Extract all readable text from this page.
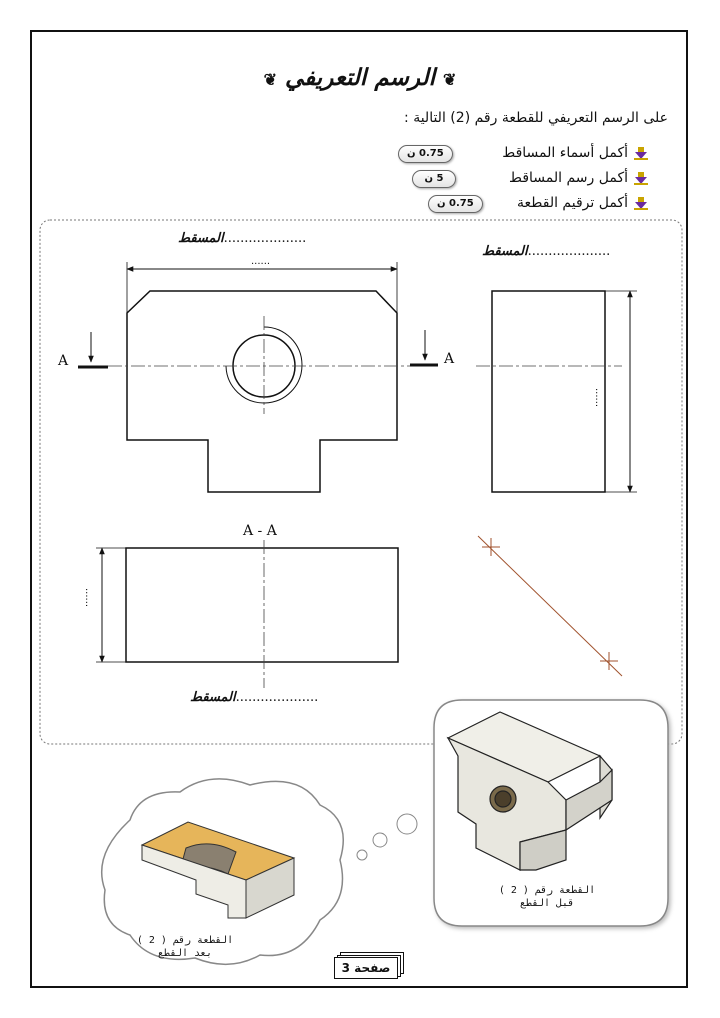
❦ الرسم التعريفي ❦
على الرسم التعريفي للقطعة رقم (2) التالية :
أكمل أسماء المساقط
0.75 ن
أكمل رسم المساقط
5 ن
أكمل ترقيم القطعة
0.75 ن
....................المسقط
....................المسقط
....................المسقط
......
......
......
A	A
A - A
القطعة رقم ( 2 )
قبل القطع
القطعة رقم ( 2 )
بعد القطع
صفحة 3
